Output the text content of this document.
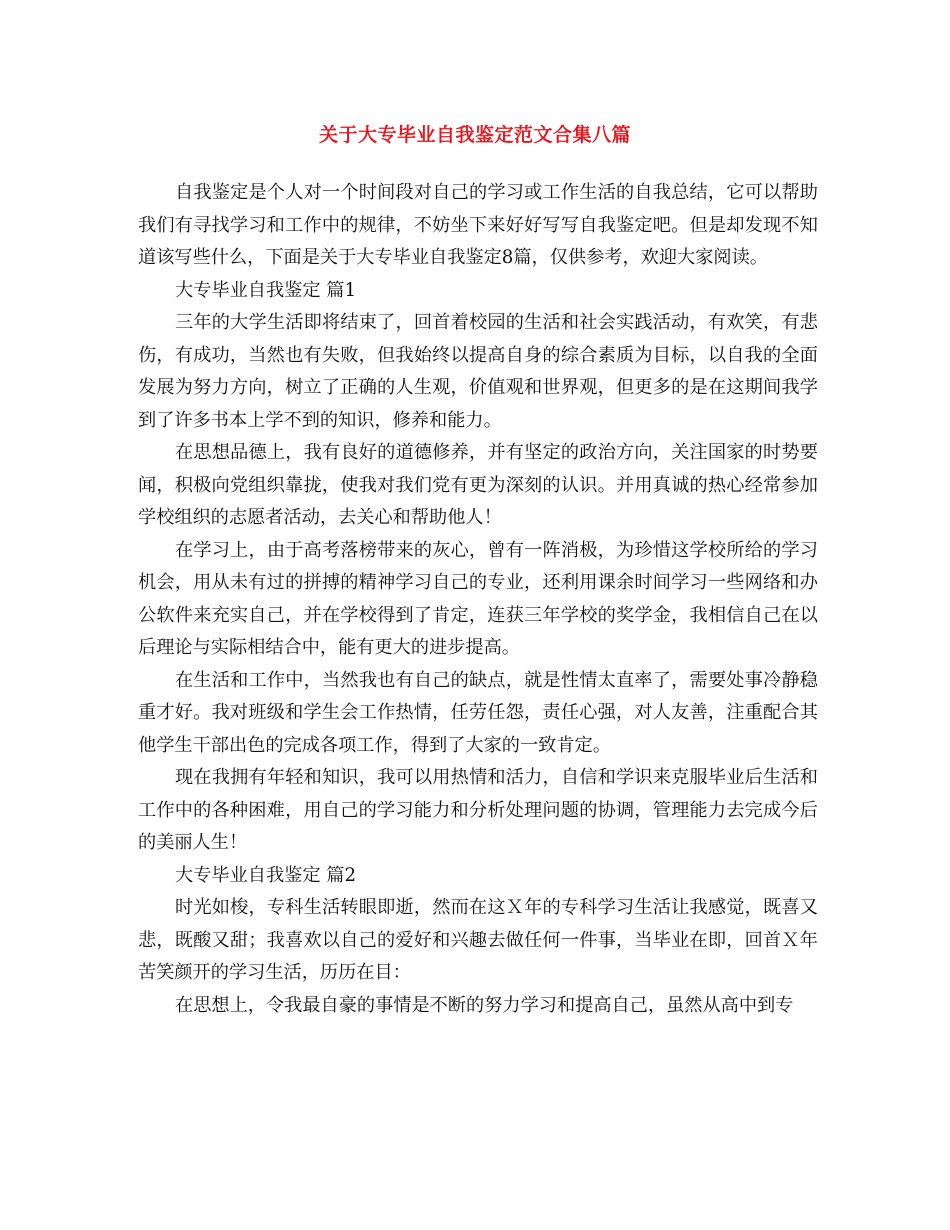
关于大专毕业自我鉴定范文合集八篇

自我鉴定是个人对一个时间段对自己的学习或工作生活的自我总结，它可以帮助我们有寻找学习和工作中的规律，不妨坐下来好好写写自我鉴定吧。但是却发现不知道该写些什么，下面是关于大专毕业自我鉴定8篇，仅供参考，欢迎大家阅读。

大专毕业自我鉴定 篇1

三年的大学生活即将结束了，回首着校园的生活和社会实践活动，有欢笑，有悲伤，有成功，当然也有失败，但我始终以提高自身的综合素质为目标，以自我的全面发展为努力方向，树立了正确的人生观，价值观和世界观，但更多的是在这期间我学到了许多书本上学不到的知识，修养和能力。

在思想品德上，我有良好的道德修养，并有坚定的政治方向，关注国家的时势要闻，积极向党组织靠拢，使我对我们党有更为深刻的认识。并用真诚的热心经常参加学校组织的志愿者活动，去关心和帮助他人！

在学习上，由于高考落榜带来的灰心，曾有一阵消极，为珍惜这学校所给的学习机会，用从未有过的拼搏的精神学习自己的专业，还利用课余时间学习一些网络和办公软件来充实自己，并在学校得到了肯定，连获三年学校的奖学金，我相信自己在以后理论与实际相结合中，能有更大的进步提高。

在生活和工作中，当然我也有自己的缺点，就是性情太直率了，需要处事冷静稳重才好。我对班级和学生会工作热情，任劳任怨，责任心强，对人友善，注重配合其他学生干部出色的完成各项工作，得到了大家的一致肯定。

现在我拥有年轻和知识，我可以用热情和活力，自信和学识来克服毕业后生活和工作中的各种困难，用自己的学习能力和分析处理问题的协调，管理能力去完成今后的美丽人生！

大专毕业自我鉴定 篇2

时光如梭，专科生活转眼即逝，然而在这Ｘ年的专科学习生活让我感觉，既喜又悲，既酸又甜；我喜欢以自己的爱好和兴趣去做任何一件事，当毕业在即，回首Ｘ年苦笑颜开的学习生活，历历在目：

在思想上，令我最自豪的事情是不断的努力学习和提高自己，虽然从高中到专
